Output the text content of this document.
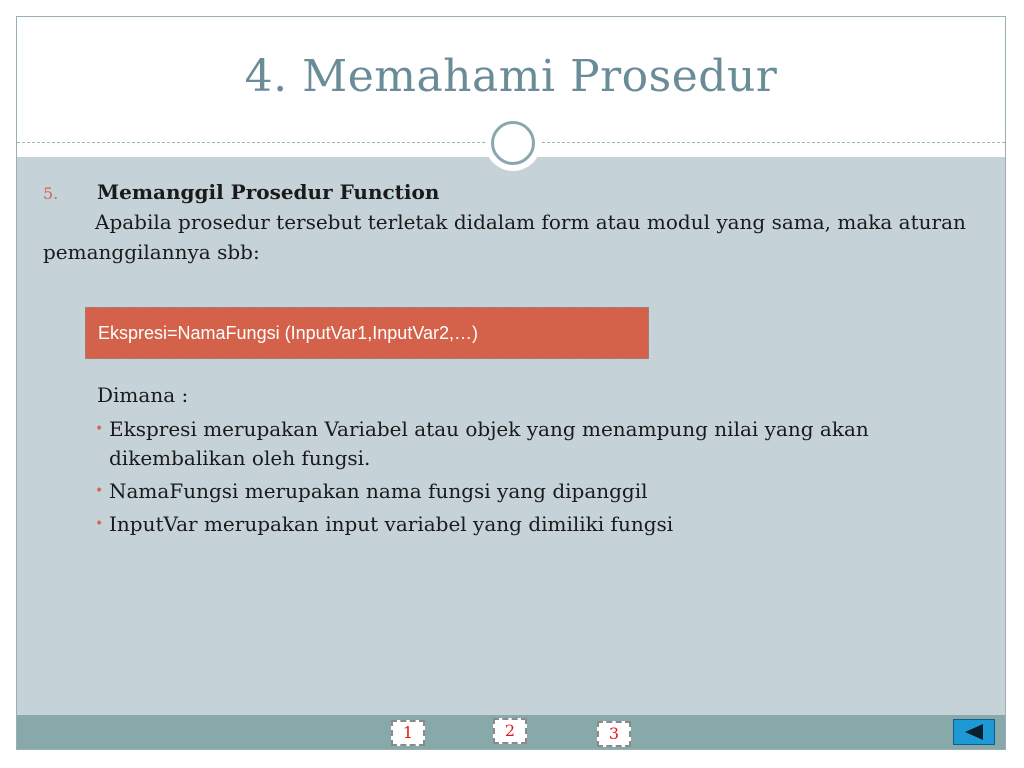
4. Memahami Prosedur
5. Memanggil Prosedur Function

Apabila prosedur tersebut terletak didalam form atau modul yang sama, maka aturan pemanggilannya sbb:

Ekspresi=NamaFungsi (InputVar1,InputVar2,…)
Dimana :
• Ekspresi merupakan Variabel atau objek yang menampung nilai yang akan dikembalikan oleh fungsi.
• NamaFungsi merupakan nama fungsi yang dipanggil
• InputVar merupakan input variabel yang dimiliki fungsi
1	2	3
